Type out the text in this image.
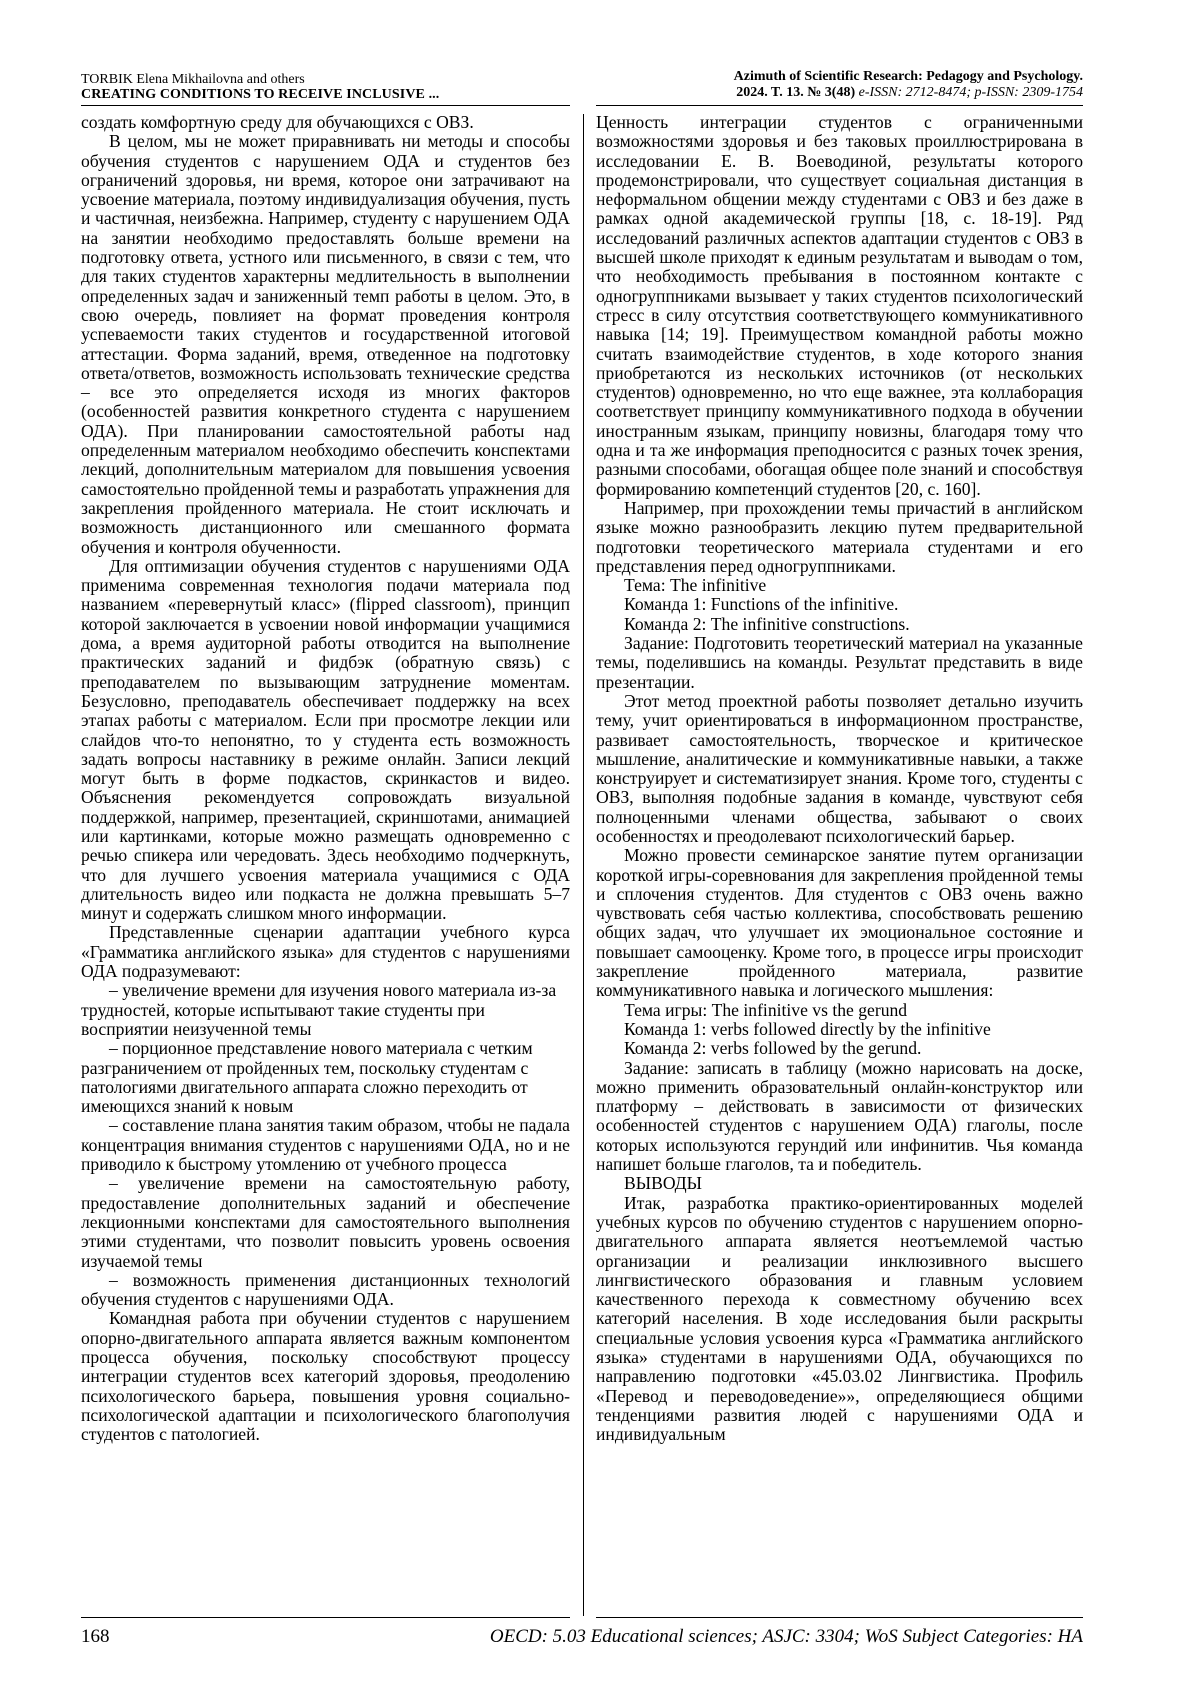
TORBIK Elena Mikhailovna and others
CREATING CONDITIONS TO RECEIVE INCLUSIVE ...
Azimuth of Scientific Research: Pedagogy and Psychology.
2024. T. 13. № 3(48) e-ISSN: 2712-8474; p-ISSN: 2309-1754

создать комфортную среду для обучающихся с ОВЗ.

В целом, мы не может приравнивать ни методы и способы обучения студентов с нарушением ОДА и студентов без ограничений здоровья, ни время, которое они затрачивают на усвоение материала, поэтому индивидуализация обучения, пусть и частичная, неизбежна. Например, студенту с нарушением ОДА на занятии необходимо предоставлять больше времени на подготовку ответа, устного или письменного, в связи с тем, что для таких студентов характерны медлительность в выполнении определенных задач и заниженный темп работы в целом. Это, в свою очередь, повлияет на формат проведения контроля успеваемости таких студентов и государственной итоговой аттестации. Форма заданий, время, отведенное на подготовку ответа/ответов, возможность использовать технические средства – все это определяется исходя из многих факторов (особенностей развития конкретного студента с нарушением ОДА). При планировании самостоятельной работы над определенным материалом необходимо обеспечить конспектами лекций, дополнительным материалом для повышения усвоения самостоятельно пройденной темы и разработать упражнения для закрепления пройденного материала. Не стоит исключать и возможность дистанционного или смешанного формата обучения и контроля обученности.

Для оптимизации обучения студентов с нарушениями ОДА применима современная технология подачи материала под названием «перевернутый класс» (flipped classroom), принцип которой заключается в усвоении новой информации учащимися дома, а время аудиторной работы отводится на выполнение практических заданий и фидбэк (обратную связь) с преподавателем по вызывающим затруднение моментам. Безусловно, преподаватель обеспечивает поддержку на всех этапах работы с материалом. Если при просмотре лекции или слайдов что-то непонятно, то у студента есть возможность задать вопросы наставнику в режиме онлайн. Записи лекций могут быть в форме подкастов, скринкастов и видео. Объяснения рекомендуется сопровождать визуальной поддержкой, например, презентацией, скриншотами, анимацией или картинками, которые можно размещать одновременно с речью спикера или чередовать. Здесь необходимо подчеркнуть, что для лучшего усвоения материала учащимися с ОДА длительность видео или подкаста не должна превышать 5–7 минут и содержать слишком много информации.

Представленные сценарии адаптации учебного курса «Грамматика английского языка» для студентов с нарушениями ОДА подразумевают:

– увеличение времени для изучения нового материала из-за трудностей, которые испытывают такие студенты при восприятии неизученной темы

– порционное представление нового материала с четким разграничением от пройденных тем, поскольку студентам с патологиями двигательного аппарата сложно переходить от имеющихся знаний к новым

– составление плана занятия таким образом, чтобы не падала концентрация внимания студентов с нарушениями ОДА, но и не приводило к быстрому утомлению от учебного процесса

– увеличение времени на самостоятельную работу, предоставление дополнительных заданий и обеспечение лекционными конспектами для самостоятельного выполнения этими студентами, что позволит повысить уровень освоения изучаемой темы

– возможность применения дистанционных технологий обучения студентов с нарушениями ОДА.

Командная работа при обучении студентов с нарушением опорно-двигательного аппарата является важным компонентом процесса обучения, поскольку способствуют процессу интеграции студентов всех категорий здоровья, преодолению психологического барьера, повышения уровня социально-психологической адаптации и психологического благополучия студентов с патологией.

Ценность интеграции студентов с ограниченными возможностями здоровья и без таковых проиллюстрирована в исследовании Е. В. Воеводиной, результаты которого продемонстрировали, что существует социальная дистанция в неформальном общении между студентами с ОВЗ и без даже в рамках одной академической группы [18, с. 18-19]. Ряд исследований различных аспектов адаптации студентов с ОВЗ в высшей школе приходят к единым результатам и выводам о том, что необходимость пребывания в постоянном контакте с одногруппниками вызывает у таких студентов психологический стресс в силу отсутствия соответствующего коммуникативного навыка [14; 19]. Преимуществом командной работы можно считать взаимодействие студентов, в ходе которого знания приобретаются из нескольких источников (от нескольких студентов) одновременно, но что еще важнее, эта коллаборация соответствует принципу коммуникативного подхода в обучении иностранным языкам, принципу новизны, благодаря тому что одна и та же информация преподносится с разных точек зрения, разными способами, обогащая общее поле знаний и способствуя формированию компетенций студентов [20, с. 160].

Например, при прохождении темы причастий в английском языке можно разнообразить лекцию путем предварительной подготовки теоретического материала студентами и его представления перед одногруппниками.

Тема: The infinitive

Команда 1: Functions of the infinitive.

Команда 2: The infinitive constructions.

Задание: Подготовить теоретический материал на указанные темы, поделившись на команды. Результат представить в виде презентации.

Этот метод проектной работы позволяет детально изучить тему, учит ориентироваться в информационном пространстве, развивает самостоятельность, творческое и критическое мышление, аналитические и коммуникативные навыки, а также конструирует и систематизирует знания. Кроме того, студенты с ОВЗ, выполняя подобные задания в команде, чувствуют себя полноценными членами общества, забывают о своих особенностях и преодолевают психологический барьер.

Можно провести семинарское занятие путем организации короткой игры-соревнования для закрепления пройденной темы и сплочения студентов. Для студентов с ОВЗ очень важно чувствовать себя частью коллектива, способствовать решению общих задач, что улучшает их эмоциональное состояние и повышает самооценку. Кроме того, в процессе игры происходит закрепление пройденного материала, развитие коммуникативного навыка и логического мышления:

Тема игры: The infinitive vs the gerund

Команда 1: verbs followed directly by the infinitive

Команда 2: verbs followed by the gerund.

Задание: записать в таблицу (можно нарисовать на доске, можно применить образовательный онлайн-конструктор или платформу – действовать в зависимости от физических особенностей студентов с нарушением ОДА) глаголы, после которых используются герундий или инфинитив. Чья команда напишет больше глаголов, та и победитель.

ВЫВОДЫ

Итак, разработка практико-ориентированных моделей учебных курсов по обучению студентов с нарушением опорно-двигательного аппарата является неотъемлемой частью организации и реализации инклюзивного высшего лингвистического образования и главным условием качественного перехода к совместному обучению всех категорий населения. В ходе исследования были раскрыты специальные условия усвоения курса «Грамматика английского языка» студентами в нарушениями ОДА, обучающихся по направлению подготовки «45.03.02 Лингвистика. Профиль «Перевод и переводоведение»», определяющиеся общими тенденциями развития людей с нарушениями ОДА и индивидуальным

168	OECD: 5.03 Educational sciences; ASJC: 3304; WoS Subject Categories: HA
